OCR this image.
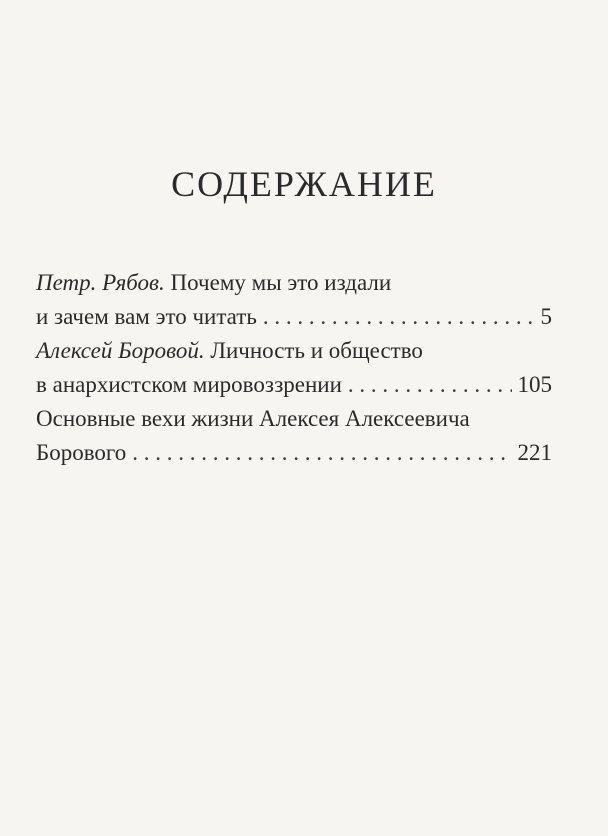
СОДЕРЖАНИЕ
Петр. Рябов.
Почему мы это издали
и зачем вам это читать . . .	5
Алексей Боровой.
Личность и общество
в анархистском мировоззрении . . .	105
Основные вехи жизни Алексея Алексеевича
Борового . . .	221
